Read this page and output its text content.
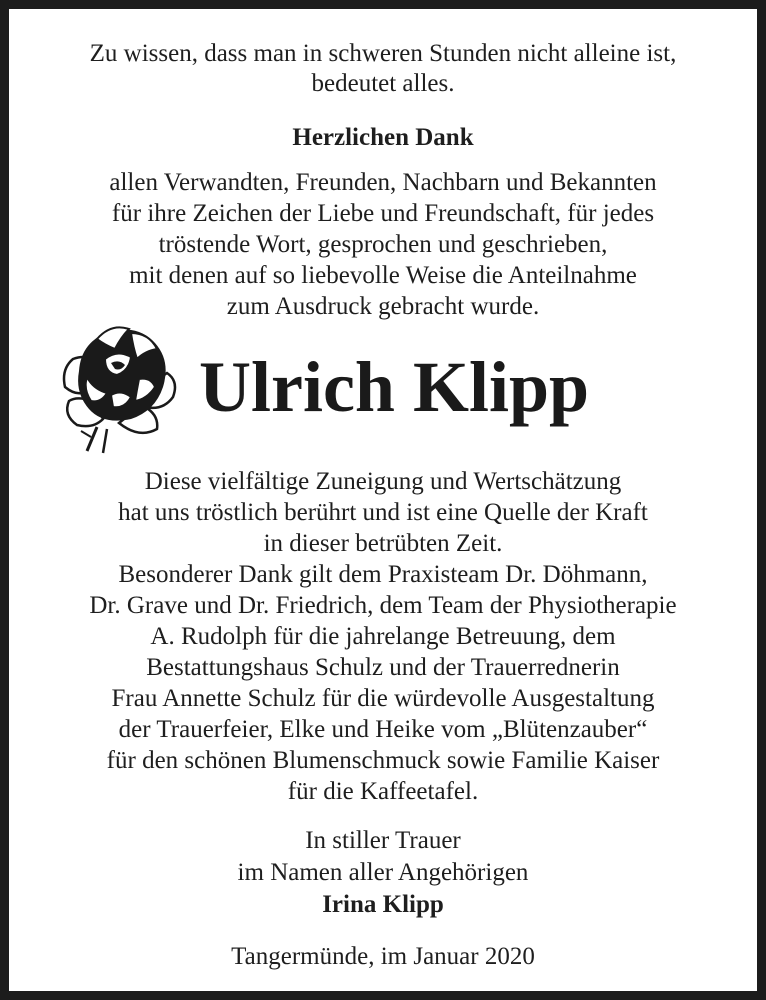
Zu wissen, dass man in schweren Stunden nicht alleine ist,
bedeutet alles.
Herzlichen Dank
allen Verwandten, Freunden, Nachbarn und Bekannten
für ihre Zeichen der Liebe und Freundschaft, für jedes
tröstende Wort, gesprochen und geschrieben,
mit denen auf so liebevolle Weise die Anteilnahme
zum Ausdruck gebracht wurde.
Ulrich Klipp
Diese vielfältige Zuneigung und Wertschätzung
hat uns tröstlich berührt und ist eine Quelle der Kraft
in dieser betrübten Zeit.
Besonderer Dank gilt dem Praxisteam Dr. Döhmann,
Dr. Grave und Dr. Friedrich, dem Team der Physiotherapie
A. Rudolph für die jahrelange Betreuung, dem
Bestattungshaus Schulz und der Trauerrednerin
Frau Annette Schulz für die würdevolle Ausgestaltung
der Trauerfeier, Elke und Heike vom „Blütenzauber“
für den schönen Blumenschmuck sowie Familie Kaiser
für die Kaffeetafel.
In stiller Trauer
im Namen aller Angehörigen
Irina Klipp
Tangermünde, im Januar 2020
